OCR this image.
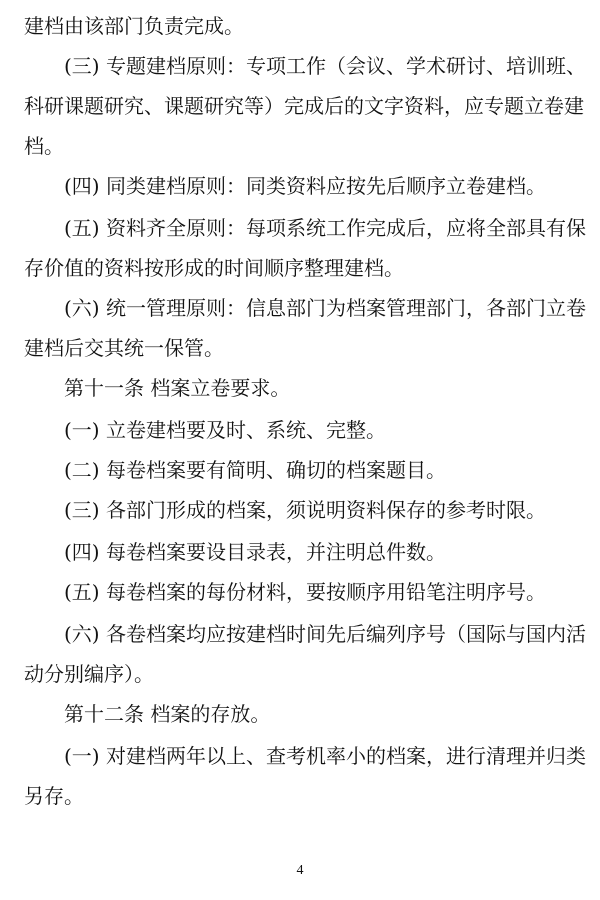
建档由该部门负责完成。

(三) 专题建档原则：专项工作（会议、学术研讨、培训班、
科研课题研究、课题研究等）完成后的文字资料，应专题立卷建
档。

(四) 同类建档原则：同类资料应按先后顺序立卷建档。

(五) 资料齐全原则：每项系统工作完成后，应将全部具有保
存价值的资料按形成的时间顺序整理建档。

(六) 统一管理原则：信息部门为档案管理部门，各部门立卷
建档后交其统一保管。

第十一条 档案立卷要求。

(一) 立卷建档要及时、系统、完整。

(二) 每卷档案要有简明、确切的档案题目。

(三) 各部门形成的档案，须说明资料保存的参考时限。

(四) 每卷档案要设目录表，并注明总件数。

(五) 每卷档案的每份材料，要按顺序用铅笔注明序号。

(六) 各卷档案均应按建档时间先后编列序号（国际与国内活
动分别编序）。

第十二条 档案的存放。

(一) 对建档两年以上、查考机率小的档案，进行清理并归类
另存。

4
